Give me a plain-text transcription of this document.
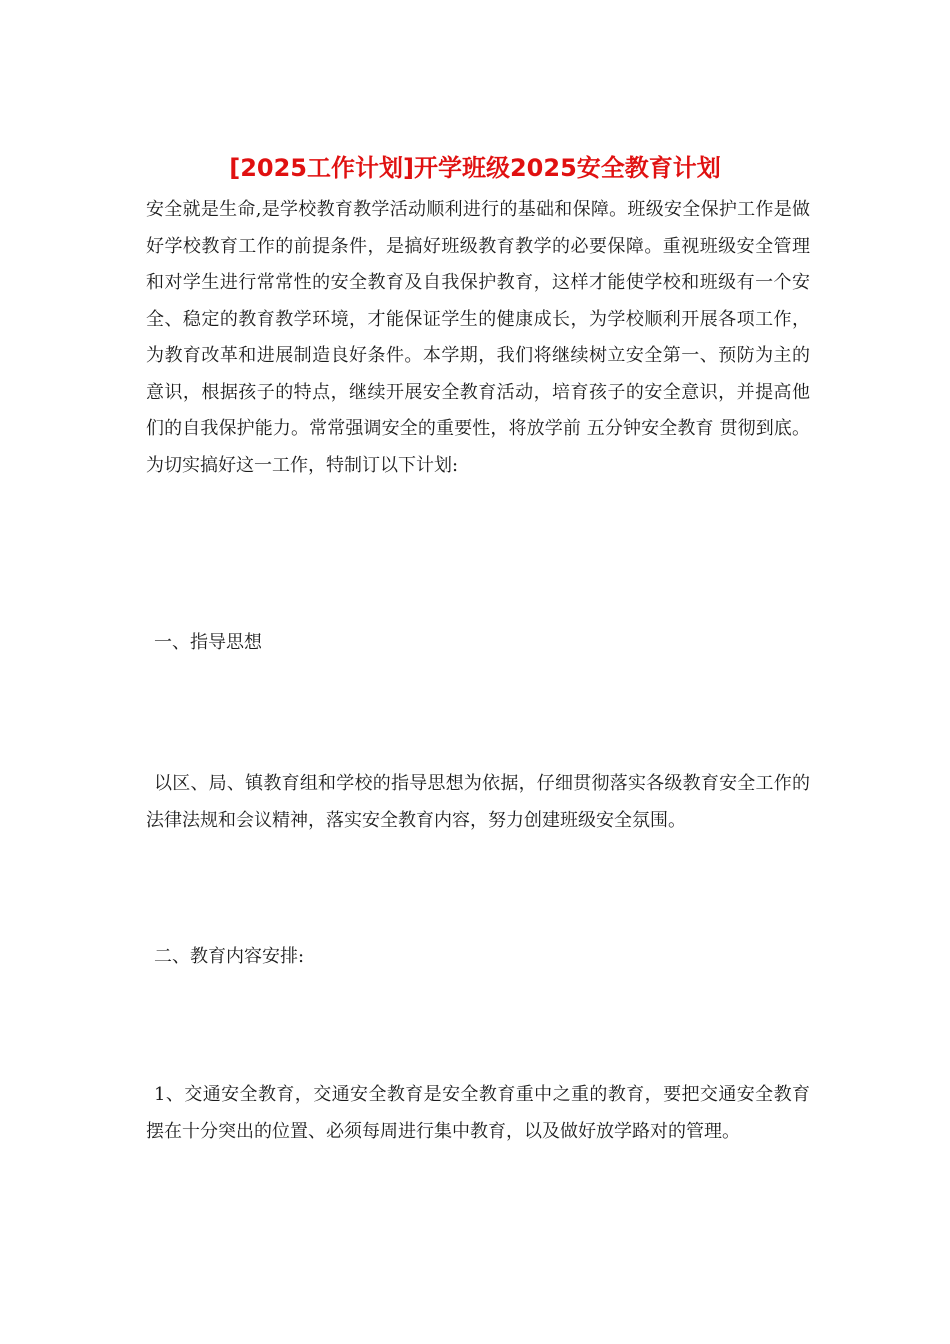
[2025工作计划]开学班级2025安全教育计划

安全就是生命,是学校教育教学活动顺利进行的基础和保障。班级安全保护工作是做好学校教育工作的前提条件，是搞好班级教育教学的必要保障。重视班级安全管理和对学生进行常常性的安全教育及自我保护教育，这样才能使学校和班级有一个安全、稳定的教育教学环境，才能保证学生的健康成长，为学校顺利开展各项工作，为教育改革和进展制造良好条件。本学期，我们将继续树立安全第一、预防为主的意识，根据孩子的特点，继续开展安全教育活动，培育孩子的安全意识，并提高他们的自我保护能力。常常强调安全的重要性，将放学前 五分钟安全教育 贯彻到底。为切实搞好这一工作，特制订以下计划:

一、指导思想

以区、局、镇教育组和学校的指导思想为依据，仔细贯彻落实各级教育安全工作的法律法规和会议精神，落实安全教育内容，努力创建班级安全氛围。

二、教育内容安排:

1、交通安全教育，交通安全教育是安全教育重中之重的教育，要把交通安全教育摆在十分突出的位置、必须每周进行集中教育，以及做好放学路对的管理。
